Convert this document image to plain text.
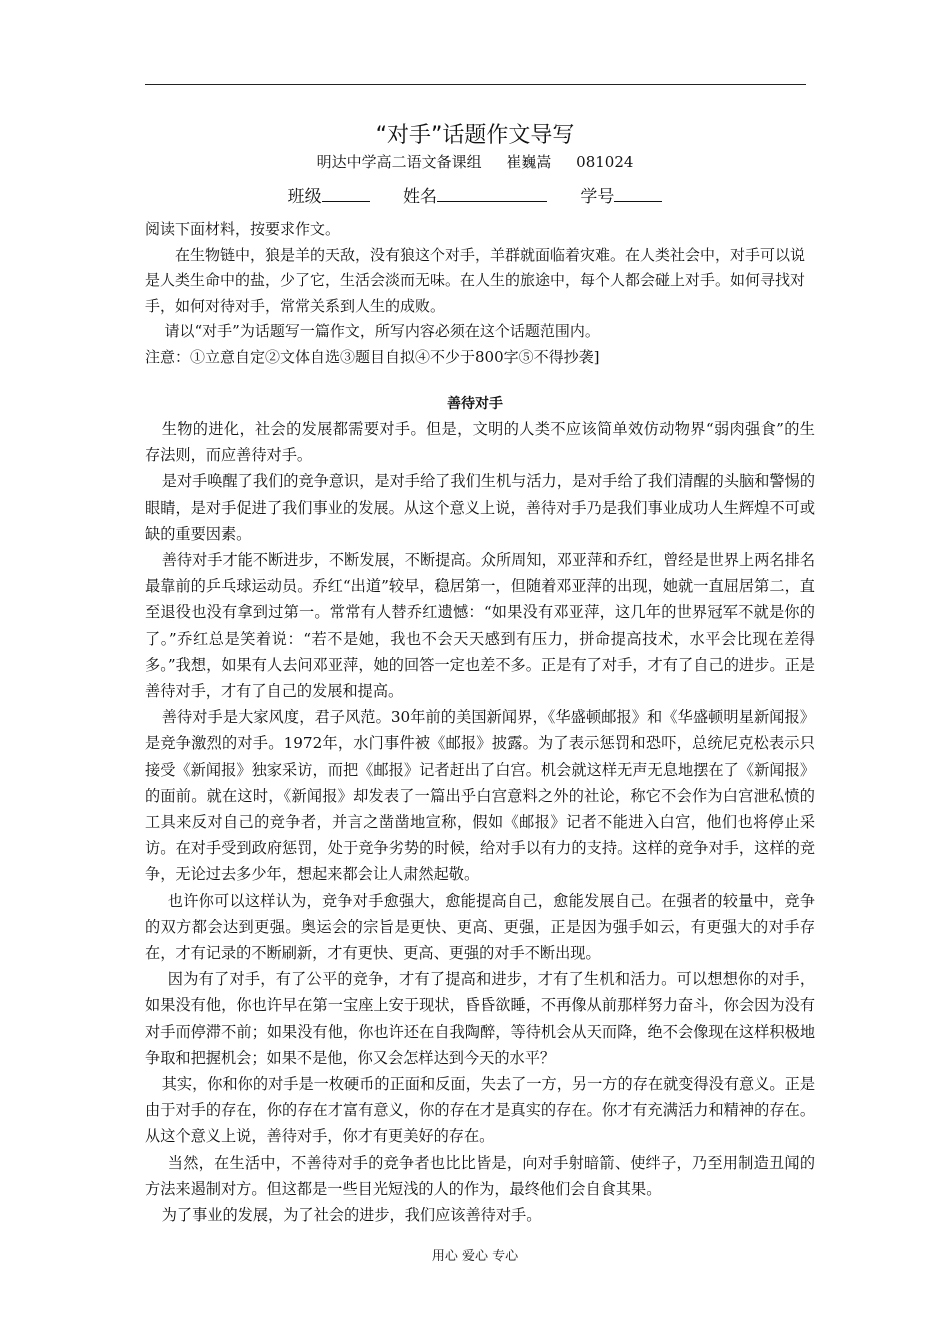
“对手”话题作文导写
明达中学高二语文备课组 崔巍嵩 081024
班级	姓名	学号

阅读下面材料，按要求作文。

在生物链中，狼是羊的天敌，没有狼这个对手，羊群就面临着灾难。在人类社会中，对手可以说是人类生命中的盐，少了它，生活会淡而无味。在人生的旅途中，每个人都会碰上对手。如何寻找对手，如何对待对手，常常关系到人生的成败。

请以“对手”为话题写一篇作文，所写内容必须在这个话题范围内。

注意：①立意自定②文体自选③题目自拟④不少于800字⑤不得抄袭]

善待对手

生物的进化，社会的发展都需要对手。但是，文明的人类不应该简单效仿动物界“弱肉强食”的生存法则，而应善待对手。

是对手唤醒了我们的竞争意识，是对手给了我们生机与活力，是对手给了我们清醒的头脑和警惕的眼睛，是对手促进了我们事业的发展。从这个意义上说，善待对手乃是我们事业成功人生辉煌不可或缺的重要因素。

善待对手才能不断进步，不断发展，不断提高。众所周知，邓亚萍和乔红，曾经是世界上两名排名最靠前的乒乓球运动员。乔红“出道”较早，稳居第一，但随着邓亚萍的出现，她就一直屈居第二，直至退役也没有拿到过第一。常常有人替乔红遗憾：“如果没有邓亚萍，这几年的世界冠军不就是你的了。”乔红总是笑着说：“若不是她，我也不会天天感到有压力，拼命提高技术，水平会比现在差得多。”我想，如果有人去问邓亚萍，她的回答一定也差不多。正是有了对手，才有了自己的进步。正是善待对手，才有了自己的发展和提高。

善待对手是大家风度，君子风范。30年前的美国新闻界，《华盛顿邮报》和《华盛顿明星新闻报》是竞争激烈的对手。1972年，水门事件被《邮报》披露。为了表示惩罚和恐吓，总统尼克松表示只接受《新闻报》独家采访，而把《邮报》记者赶出了白宫。机会就这样无声无息地摆在了《新闻报》的面前。就在这时，《新闻报》却发表了一篇出乎白宫意料之外的社论，称它不会作为白宫泄私愤的工具来反对自己的竞争者，并言之凿凿地宣称，假如《邮报》记者不能进入白宫，他们也将停止采访。在对手受到政府惩罚，处于竞争劣势的时候，给对手以有力的支持。这样的竞争对手，这样的竞争，无论过去多少年，想起来都会让人肃然起敬。

也许你可以这样认为，竞争对手愈强大，愈能提高自己，愈能发展自己。在强者的较量中，竞争的双方都会达到更强。奥运会的宗旨是更快、更高、更强，正是因为强手如云，有更强大的对手存在，才有记录的不断刷新，才有更快、更高、更强的对手不断出现。

因为有了对手，有了公平的竞争，才有了提高和进步，才有了生机和活力。可以想想你的对手，如果没有他，你也许早在第一宝座上安于现状，昏昏欲睡，不再像从前那样努力奋斗，你会因为没有对手而停滞不前；如果没有他，你也许还在自我陶醉，等待机会从天而降，绝不会像现在这样积极地争取和把握机会；如果不是他，你又会怎样达到今天的水平？

其实，你和你的对手是一枚硬币的正面和反面，失去了一方，另一方的存在就变得没有意义。正是由于对手的存在，你的存在才富有意义，你的存在才是真实的存在。你才有充满活力和精神的存在。从这个意义上说，善待对手，你才有更美好的存在。

当然，在生活中，不善待对手的竞争者也比比皆是，向对手射暗箭、使绊子，乃至用制造丑闻的方法来遏制对方。但这都是一些目光短浅的人的作为，最终他们会自食其果。

为了事业的发展，为了社会的进步，我们应该善待对手。

用心 爱心 专心
